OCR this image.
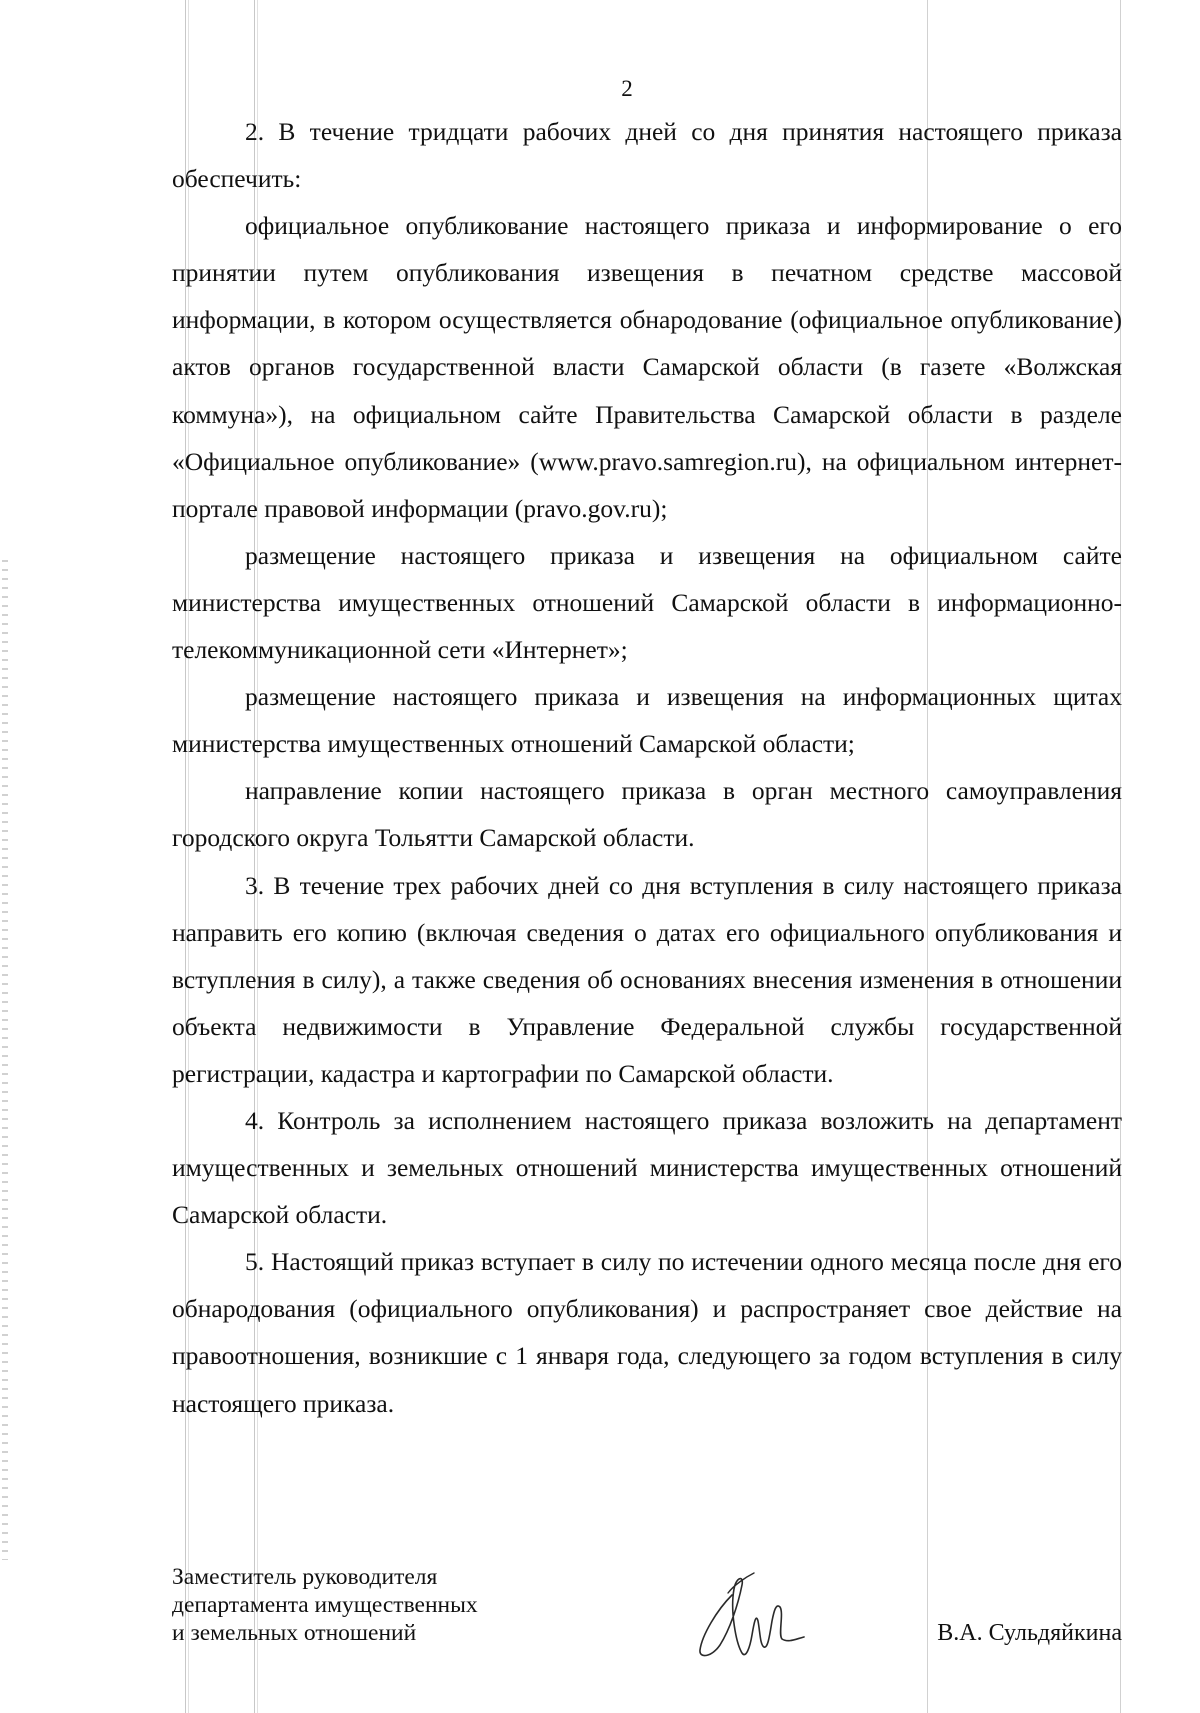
2

2. В течение тридцати рабочих дней со дня принятия настоящего приказа обеспечить:

официальное опубликование настоящего приказа и информирование о его принятии путем опубликования извещения в печатном средстве массовой информации, в котором осуществляется обнародование (официальное опубликование) актов органов государственной власти Самарской области (в газете «Волжская коммуна»), на официальном сайте Правительства Самарской области в разделе «Официальное опубликование» (www.pravo.samregion.ru), на официальном интернет-портале правовой информации (pravo.gov.ru);

размещение настоящего приказа и извещения на официальном сайте министерства имущественных отношений Самарской области в информационно-телекоммуникационной сети «Интернет»;

размещение настоящего приказа и извещения на информационных щитах министерства имущественных отношений Самарской области;

направление копии настоящего приказа в орган местного самоуправления городского округа Тольятти Самарской области.

3. В течение трех рабочих дней со дня вступления в силу настоящего приказа направить его копию (включая сведения о датах его официального опубликования и вступления в силу), а также сведения об основаниях внесения изменения в отношении объекта недвижимости в Управление Федеральной службы государственной регистрации, кадастра и картографии по Самарской области.

4. Контроль за исполнением настоящего приказа возложить на департамент имущественных и земельных отношений министерства имущественных отношений Самарской области.

5. Настоящий приказ вступает в силу по истечении одного месяца после дня его обнародования (официального опубликования) и распространяет свое действие на правоотношения, возникшие с 1 января года, следующего за годом вступления в силу настоящего приказа.

Заместитель руководителя
департамента имущественных
и земельных отношений	В.А. Сульдяйкина
